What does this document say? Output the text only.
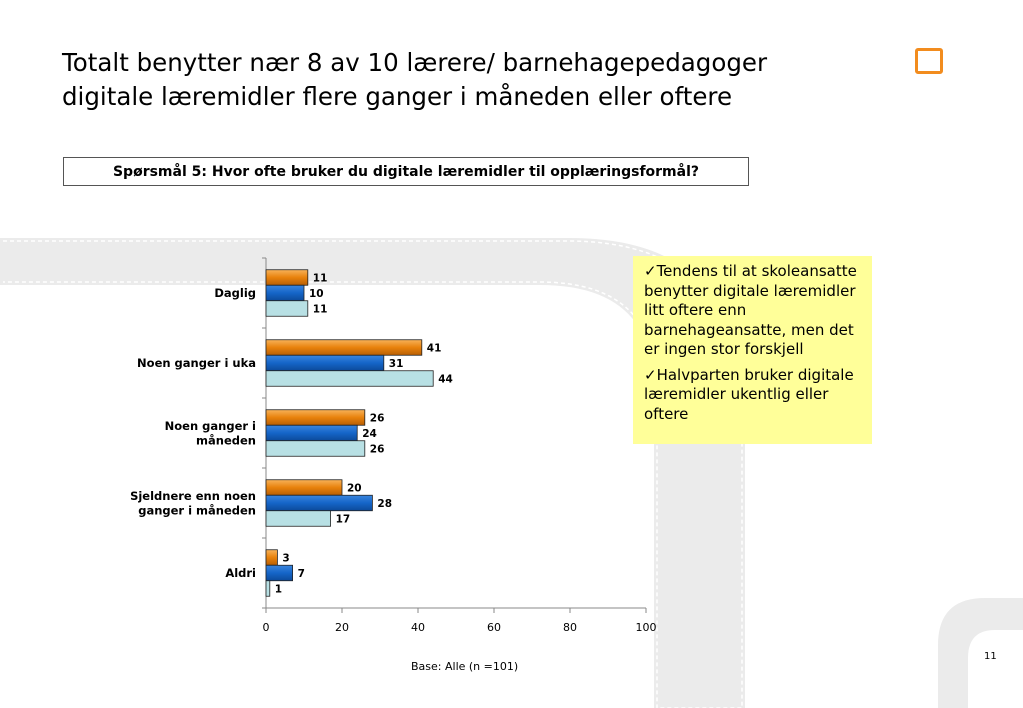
Totalt benytter nær 8 av 10 lærere/ barnehagepedagoger
digitale læremidler flere ganger i måneden eller oftere
Spørsmål 5: Hvor ofte bruker du digitale læremidler til opplæringsformål?
0	20	40	60	80	100
11
10
11
Daglig
41
31
44
Noen ganger i uka
26
24
26
Noen ganger i
måneden
20
28
17
Sjeldnere enn noen
ganger i måneden
3
7
1
Aldri

✓Tendens til at skoleansatte benytter digitale læremidler litt oftere enn barnehageansatte, men det er ingen stor forskjell

✓Halvparten bruker digitale læremidler ukentlig eller oftere

Base: Alle (n =101)
11
